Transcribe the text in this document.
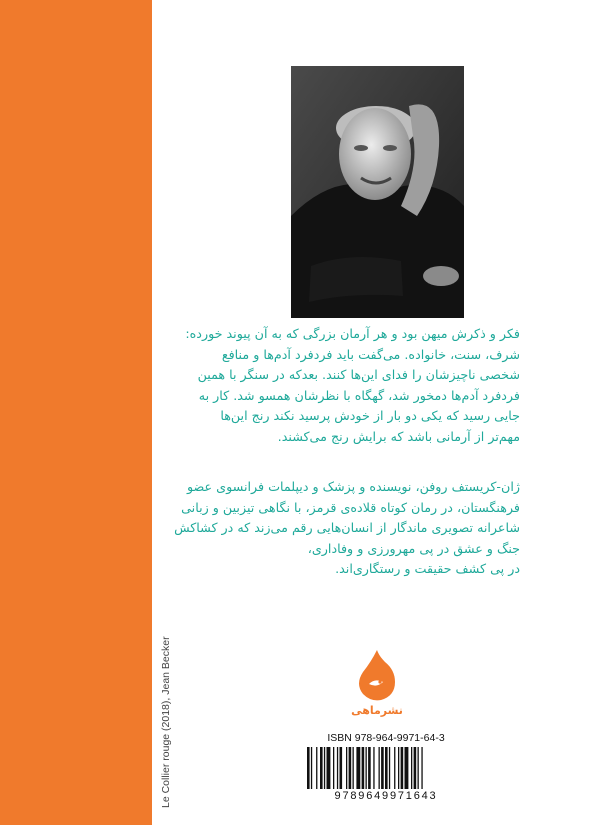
Le Collier rouge (2018), Jean Becker
فکر و ذکرش میهن بود و هر آرمان بزرگی که به آن پیوند خورده:
شرف، سنت، خانواده. می‌گفت باید فردفرد آدم‌ها و منافع
شخصی ناچیزشان را فدای این‌ها کنند. بعدکه در سنگر با همین
فردفرد آدم‌ها دمخور شد، گهگاه با نظرشان همسو شد. کار به
جایی رسید که یکی دو بار از خودش پرسید نکند رنج این‌ها
مهم‌تر از آرمانی باشد که برایش رنج می‌کشند.
ژان-کریستف روفن، نویسنده و پزشک و دیپلمات فرانسوی عضو
فرهنگستان، در رمان کوتاه قلاده‌ی قرمز، با نگاهی تیزبین و زبانی
شاعرانه تصویری ماندگار از انسان‌هایی رقم می‌زند که در کشاکش
جنگ و عشق در پی مهرورزی و وفاداری،
در پی کشف حقیقت و رستگاری‌اند.
نشرماهی
ISBN 978-964-9971-64-3
9789649971643
